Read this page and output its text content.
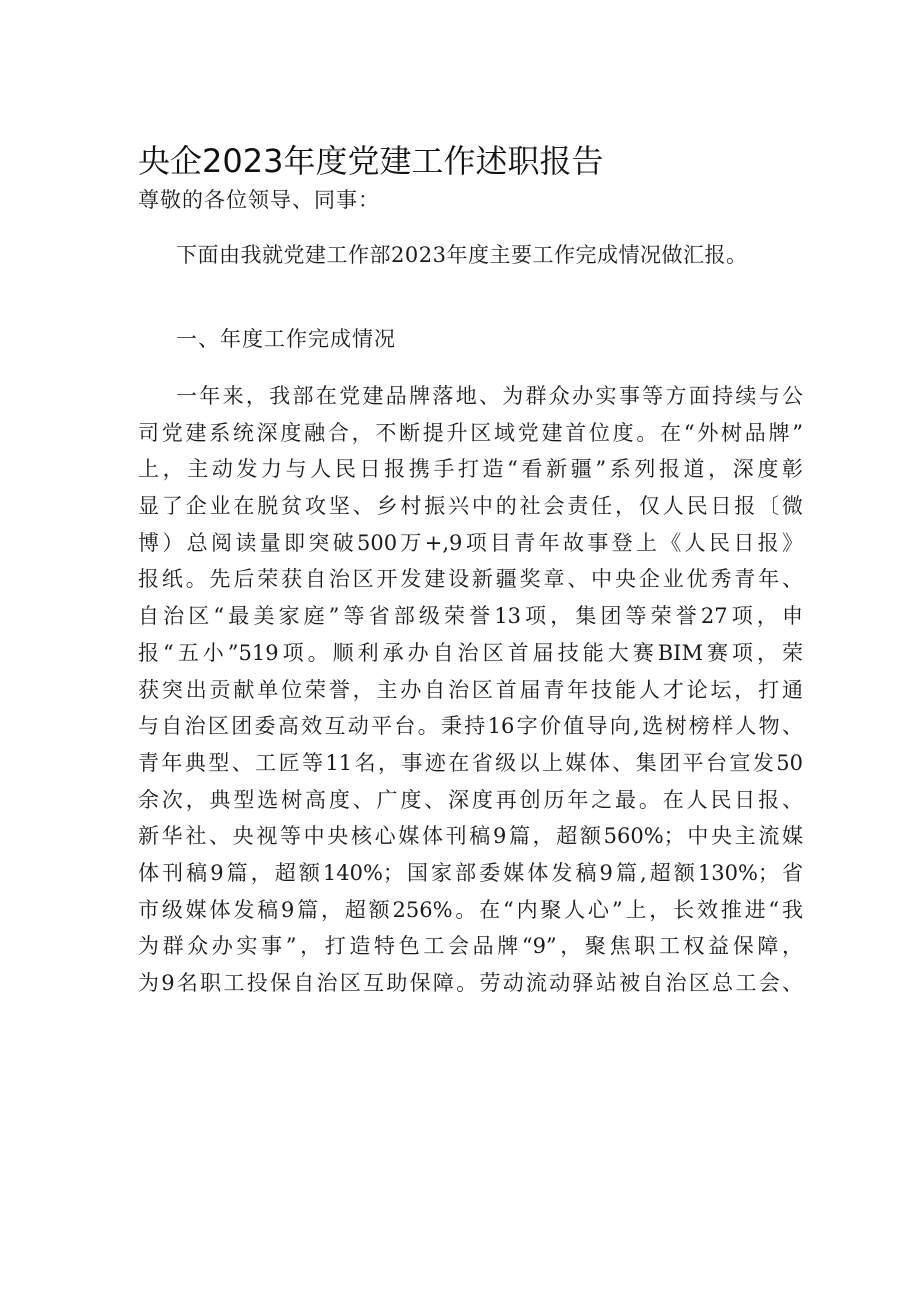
央企2023年度党建工作述职报告

尊敬的各位领导、同事：

下面由我就党建工作部2023年度主要工作完成情况做汇报。

一、年度工作完成情况

一年来，我部在党建品牌落地、为群众办实事等方面持续与公
司党建系统深度融合，不断提升区域党建首位度。在“外树品牌”
上，主动发力与人民日报携手打造“看新疆”系列报道，深度彰
显了企业在脱贫攻坚、乡村振兴中的社会责任，仅人民日报〔微
博）总阅读量即突破500万+,9项目青年故事登上《人民日报》
报纸。先后荣获自治区开发建设新疆奖章、中央企业优秀青年、
自治区“最美家庭”等省部级荣誉13项，集团等荣誉27项，申
报“五小”519项。顺利承办自治区首届技能大赛BIM赛项，荣
获突出贡献单位荣誉，主办自治区首届青年技能人才论坛，打通
与自治区团委高效互动平台。秉持16字价值导向,选树榜样人物、
青年典型、工匠等11名，事迹在省级以上媒体、集团平台宣发50
余次，典型选树高度、广度、深度再创历年之最。在人民日报、
新华社、央视等中央核心媒体刊稿9篇，超额560%；中央主流媒
体刊稿9篇，超额140%；国家部委媒体发稿9篇,超额130%；省
市级媒体发稿9篇，超额256%。在“内聚人心”上，长效推进“我
为群众办实事”，打造特色工会品牌“9”，聚焦职工权益保障，
为9名职工投保自治区互助保障。劳动流动驿站被自治区总工会、
